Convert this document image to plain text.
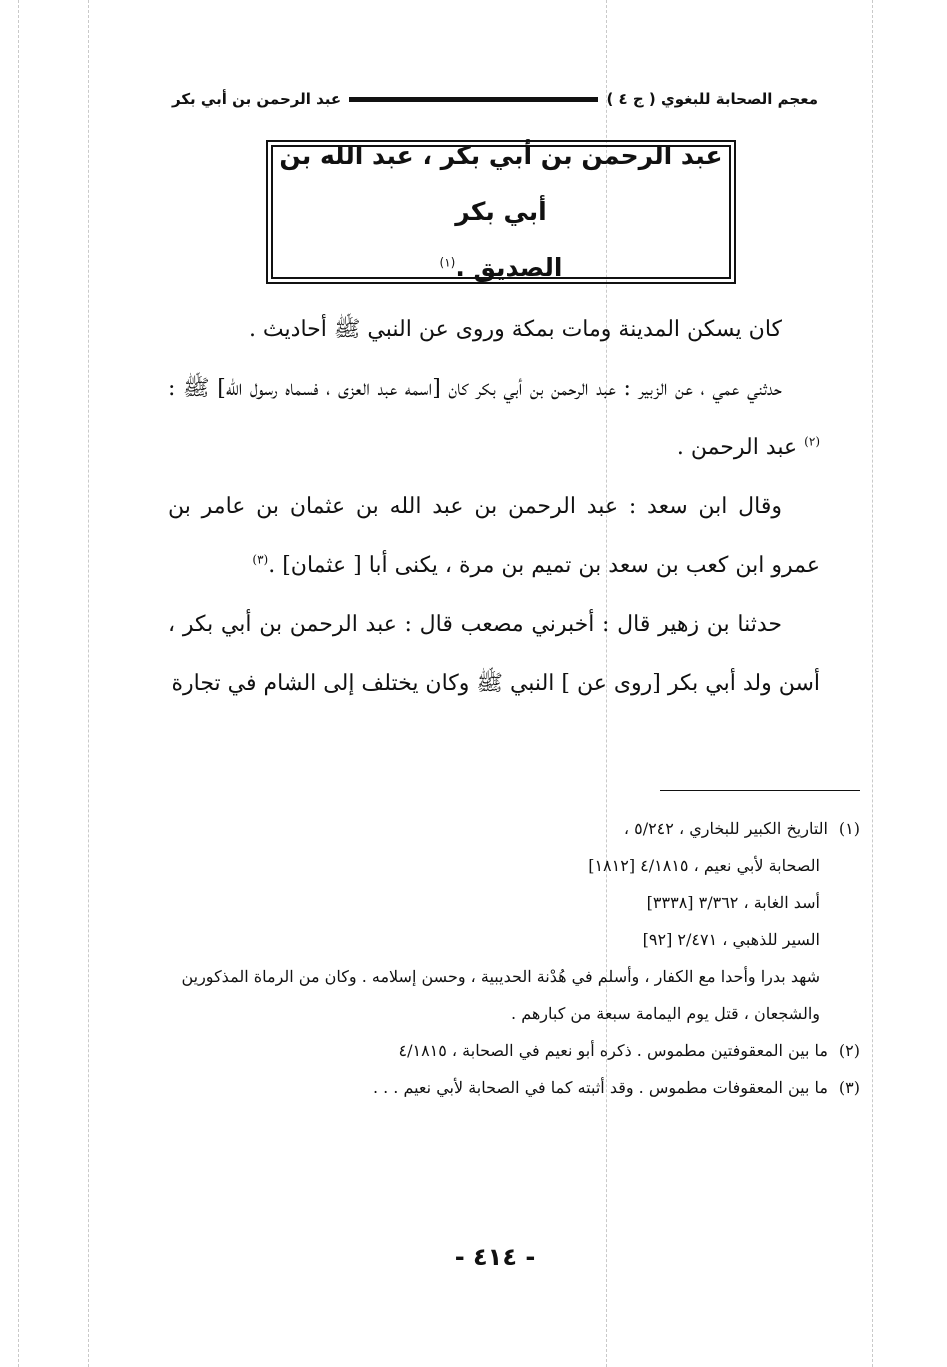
معجم الصحابة للبغوي ( ج ٤ )
عبد الرحمن بن أبي بكر
عبد الرحمن بن أبي بكر ، عبد الله بن أبي بكر
الصديق .$^{(١)}$

كان يسكن المدينة ومات بمكة وروى عن النبي ﷺ أحاديث .

حدثني عمي ، عن الزبير : عبد الرحمن بن أبي بكر كان [اسمه عبد العزى ، فسماه رسول الله] ﷺ :$^{(٢)}$ عبد الرحمن .

وقال ابن سعد : عبد الرحمن بن عبد الله بن عثمان بن عامر بن عمرو ابن كعب بن سعد بن تميم بن مرة ، يكنى أبا [ عثمان] .$^{(٣)}$

حدثنا بن زهير قال : أخبرني مصعب قال : عبد الرحمن بن أبي بكر ، أسن ولد أبي بكر [روى عن ] النبي ﷺ وكان يختلف إلى الشام في تجارة

(١)

التاريخ الكبير للبخاري ، ٥/٢٤٢ ،

الصحابة لأبي نعيم ، ٤/١٨١٥ [١٨١٢]

أسد الغابة ، ٣/٣٦٢ [٣٣٣٨]

السير للذهبي ، ٢/٤٧١ [٩٢]

شهد بدرا وأحدا مع الكفار ، وأسلم في هُدْنة الحديبية ، وحسن إسلامه . وكان من الرماة المذكورين والشجعان ، قتل يوم اليمامة سبعة من كبارهم .

(٢)

ما بين المعقوفتين مطموس . ذكره أبو نعيم في الصحابة ، ٤/١٨١٥

(٣)

ما بين المعقوفات مطموس . وقد أثبته كما في الصحابة لأبي نعيم . . .

- ٤١٤ -
